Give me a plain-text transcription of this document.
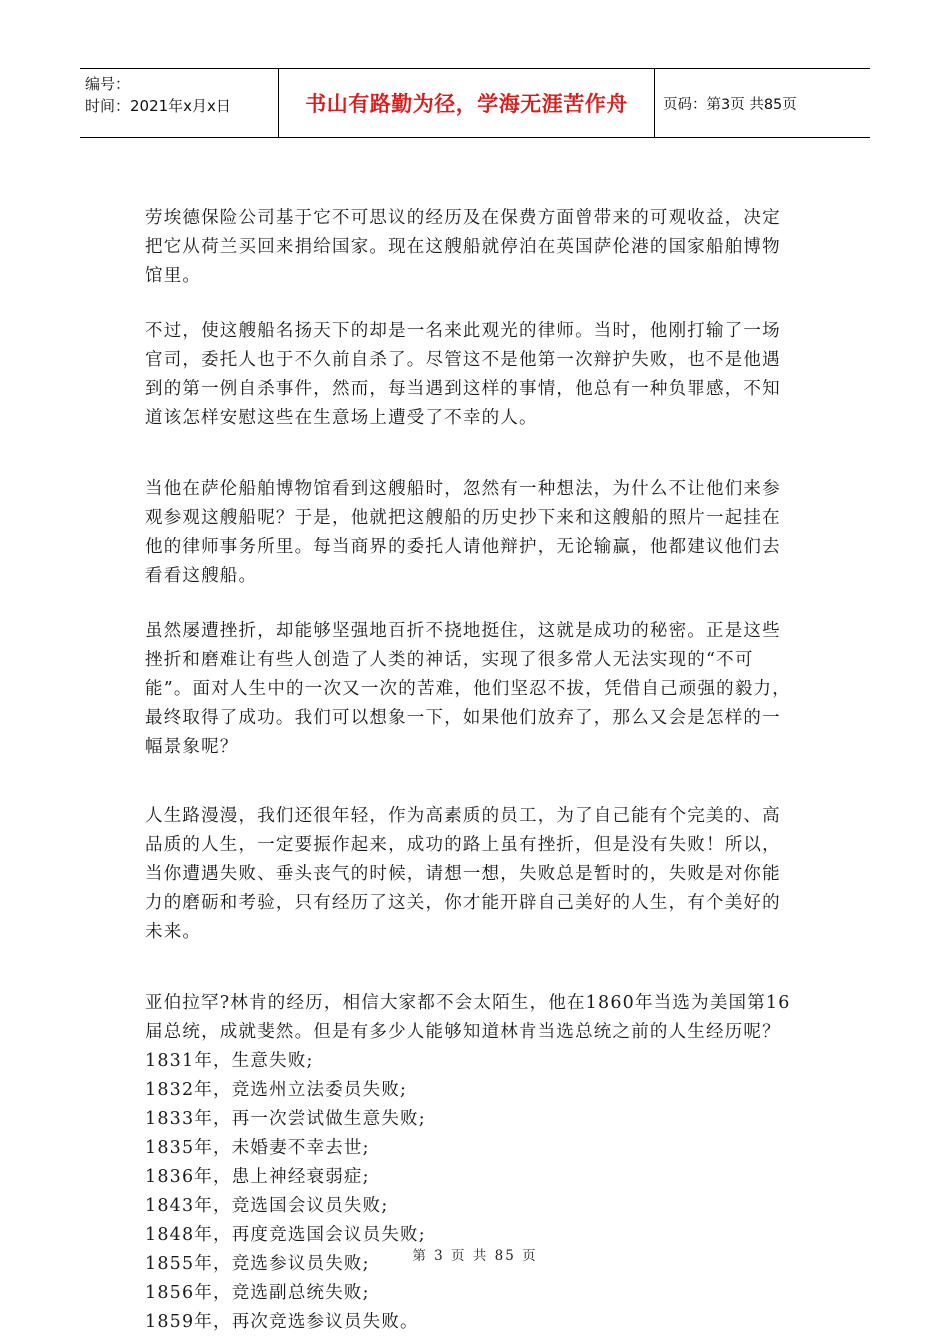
编号：
时间：2021年x月x日	书山有路勤为径，学海无涯苦作舟	页码：第3页 共85页

劳埃德保险公司基于它不可思议的经历及在保费方面曾带来的可观收益，决定
把它从荷兰买回来捐给国家。现在这艘船就停泊在英国萨伦港的国家船舶博物
馆里。

不过，使这艘船名扬天下的却是一名来此观光的律师。当时，他刚打输了一场
官司，委托人也于不久前自杀了。尽管这不是他第一次辩护失败，也不是他遇
到的第一例自杀事件，然而，每当遇到这样的事情，他总有一种负罪感，不知
道该怎样安慰这些在生意场上遭受了不幸的人。

当他在萨伦船舶博物馆看到这艘船时，忽然有一种想法，为什么不让他们来参
观参观这艘船呢？于是，他就把这艘船的历史抄下来和这艘船的照片一起挂在
他的律师事务所里。每当商界的委托人请他辩护，无论输赢，他都建议他们去
看看这艘船。

虽然屡遭挫折，却能够坚强地百折不挠地挺住，这就是成功的秘密。正是这些
挫折和磨难让有些人创造了人类的神话，实现了很多常人无法实现的“不可
能”。面对人生中的一次又一次的苦难，他们坚忍不拔，凭借自己顽强的毅力，
最终取得了成功。我们可以想象一下，如果他们放弃了，那么又会是怎样的一
幅景象呢？

人生路漫漫，我们还很年轻，作为高素质的员工，为了自己能有个完美的、高
品质的人生，一定要振作起来，成功的路上虽有挫折，但是没有失败！所以，
当你遭遇失败、垂头丧气的时候，请想一想，失败总是暂时的，失败是对你能
力的磨砺和考验，只有经历了这关，你才能开辟自己美好的人生，有个美好的
未来。

亚伯拉罕?林肯的经历，相信大家都不会太陌生，他在1860年当选为美国第16
届总统，成就斐然。但是有多少人能够知道林肯当选总统之前的人生经历呢？

1831年，生意失败;
1832年，竞选州立法委员失败;
1833年，再一次尝试做生意失败;
1835年，未婚妻不幸去世;
1836年，患上神经衰弱症;
1843年，竞选国会议员失败;
1848年，再度竞选国会议员失败;
1855年，竞选参议员失败;
1856年，竞选副总统失败;
1859年，再次竞选参议员失败。
第 3 页 共 85 页
